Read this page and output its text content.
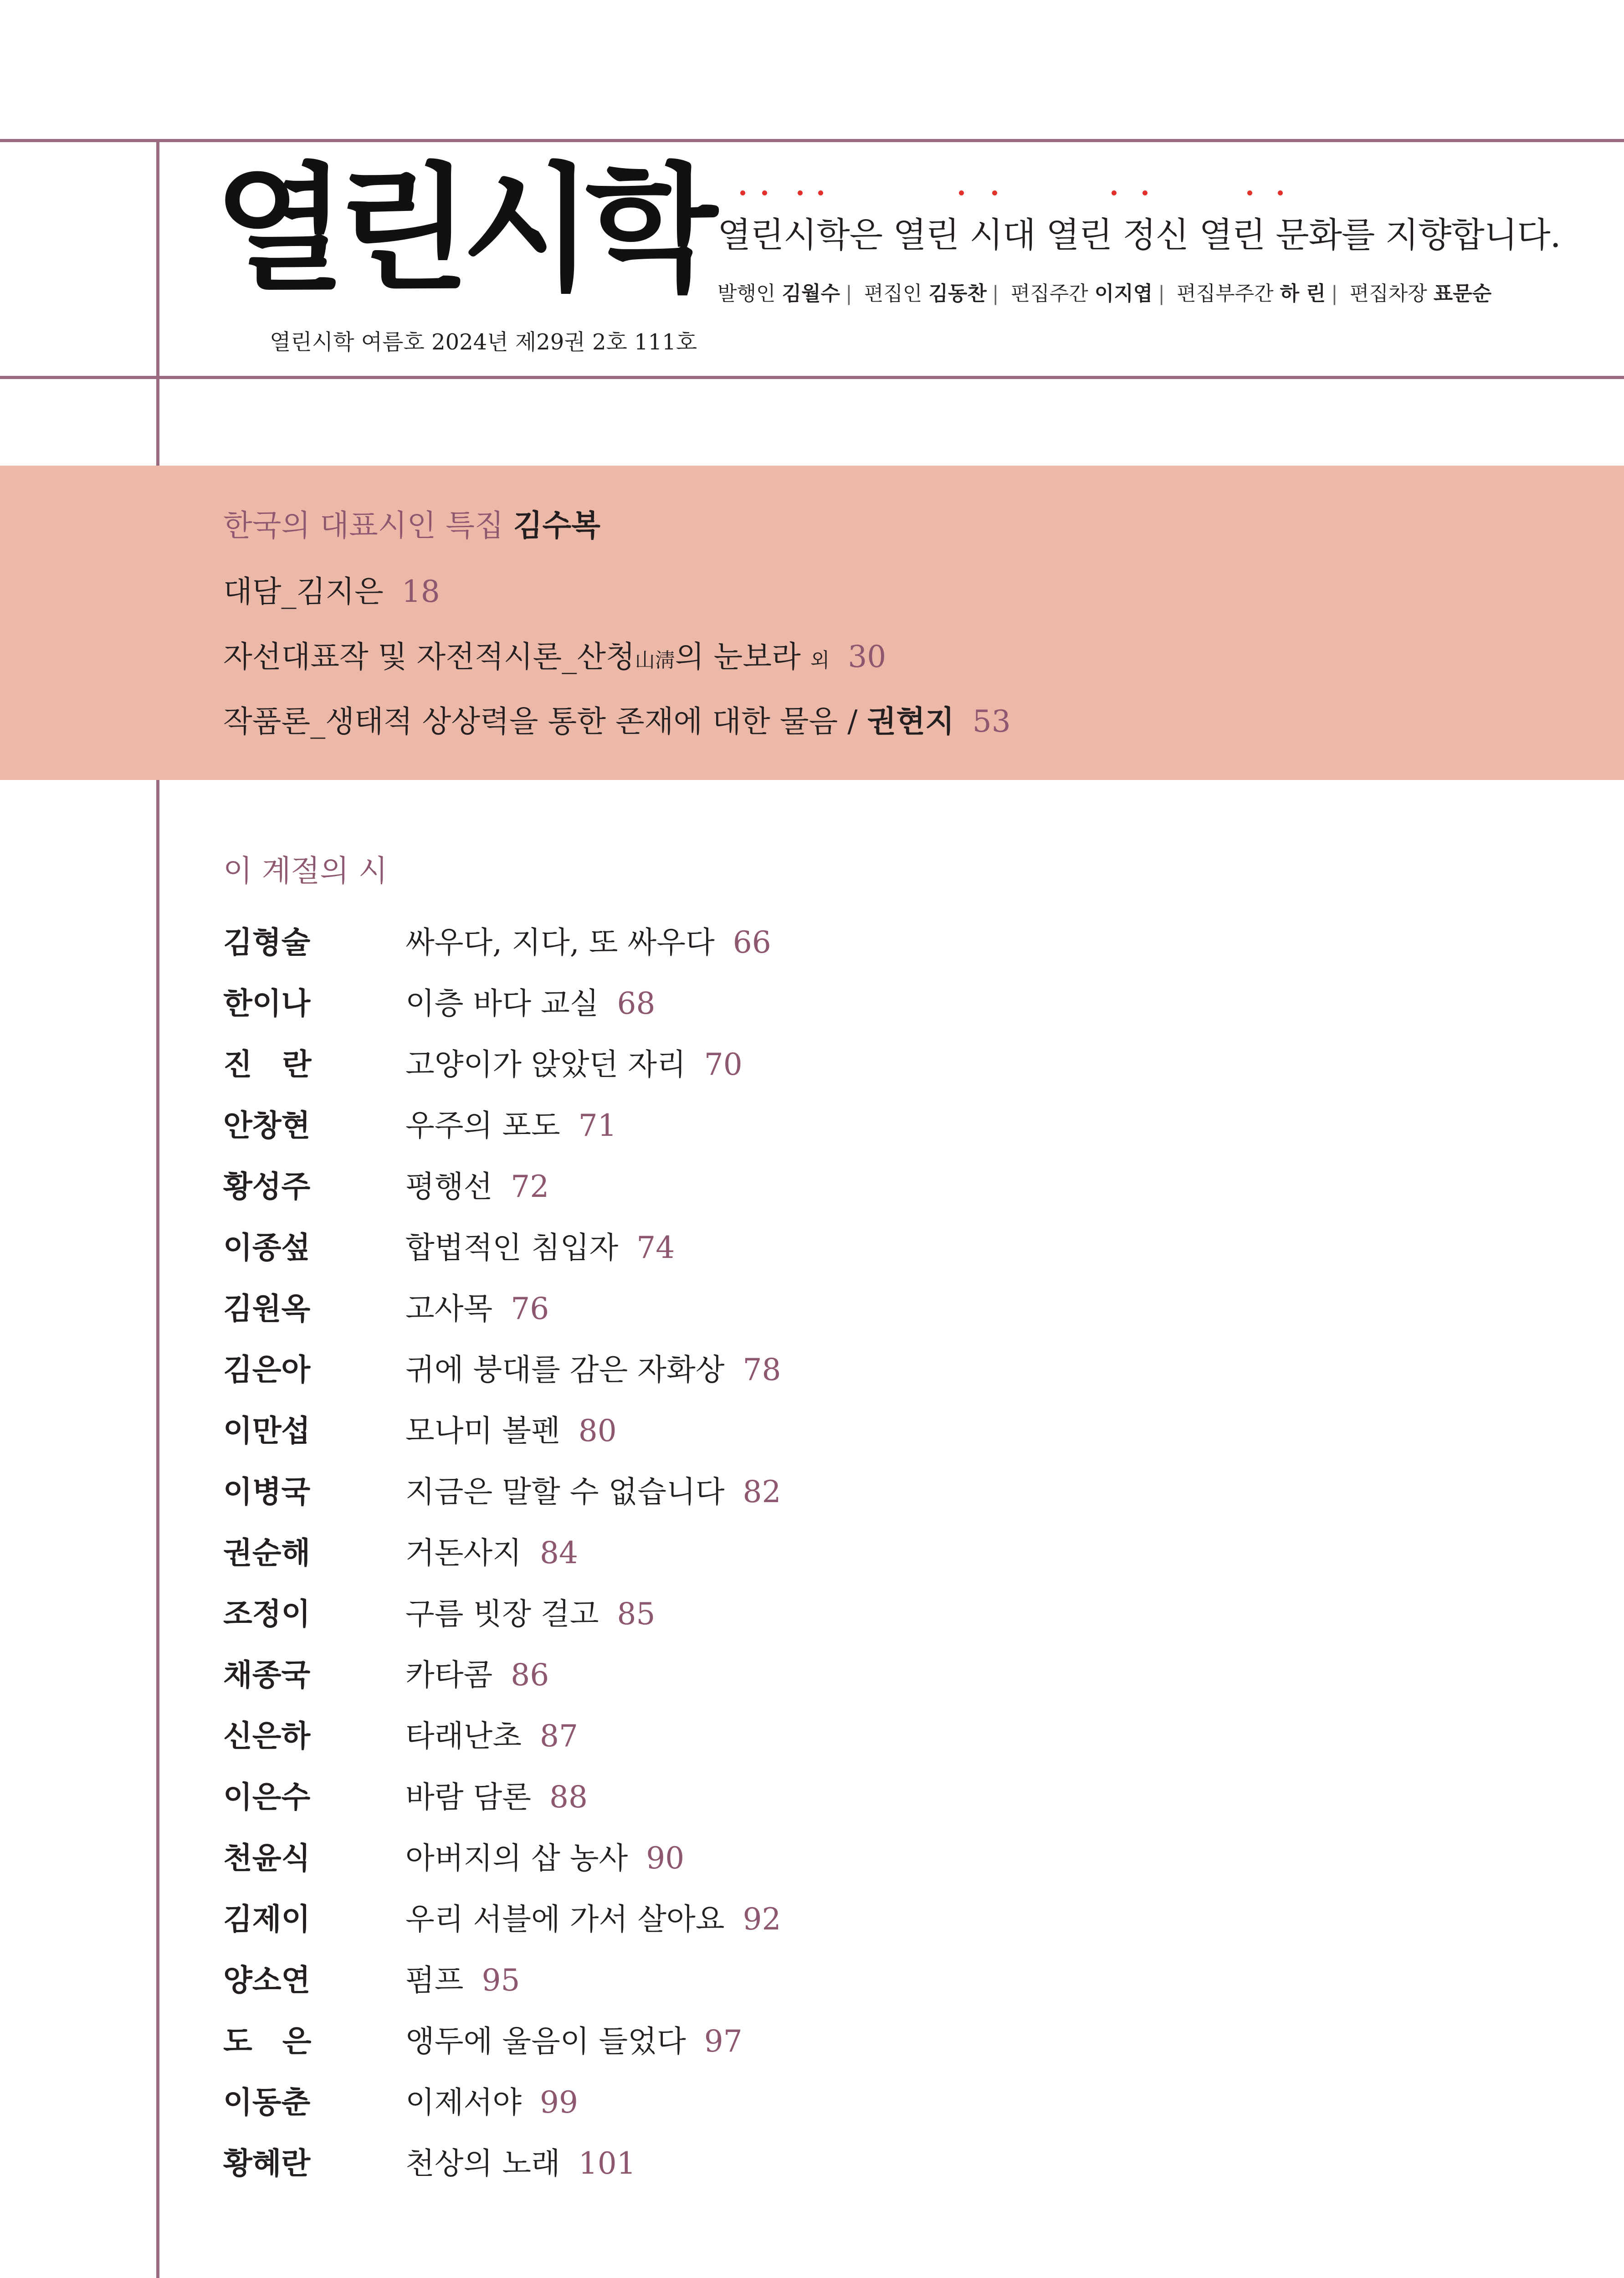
열린시학
열린시학 여름호 2024년 제29권 2호 111호
열린시학은 열린 시대 열린 정신 열린 문화를 지향합니다.
발행인 김월수 | 편집인 김동찬 | 편집주간 이지엽 | 편집부주간 하 린 | 편집차장 표문순
한국의 대표시인 특집 김수복
대담_김지은 18
자선대표작 및 자전적시론_산청山淸의 눈보라 외 30
작품론_생태적 상상력을 통한 존재에 대한 물음 / 권현지 53
이 계절의 시
김형술	싸우다, 지다, 또 싸우다 66
한이나	이층 바다 교실 68
진　란	고양이가 앉았던 자리 70
안창현	우주의 포도 71
황성주	평행선 72
이종섶	합법적인 침입자 74
김원옥	고사목 76
김은아	귀에 붕대를 감은 자화상 78
이만섭	모나미 볼펜 80
이병국	지금은 말할 수 없습니다 82
권순해	거돈사지 84
조정이	구름 빗장 걸고 85
채종국	카타콤 86
신은하	타래난초 87
이은수	바람 담론 88
천윤식	아버지의 삽 농사 90
김제이	우리 서블에 가서 살아요 92
양소연	펌프 95
도　은	앵두에 울음이 들었다 97
이동춘	이제서야 99
황혜란	천상의 노래 101
